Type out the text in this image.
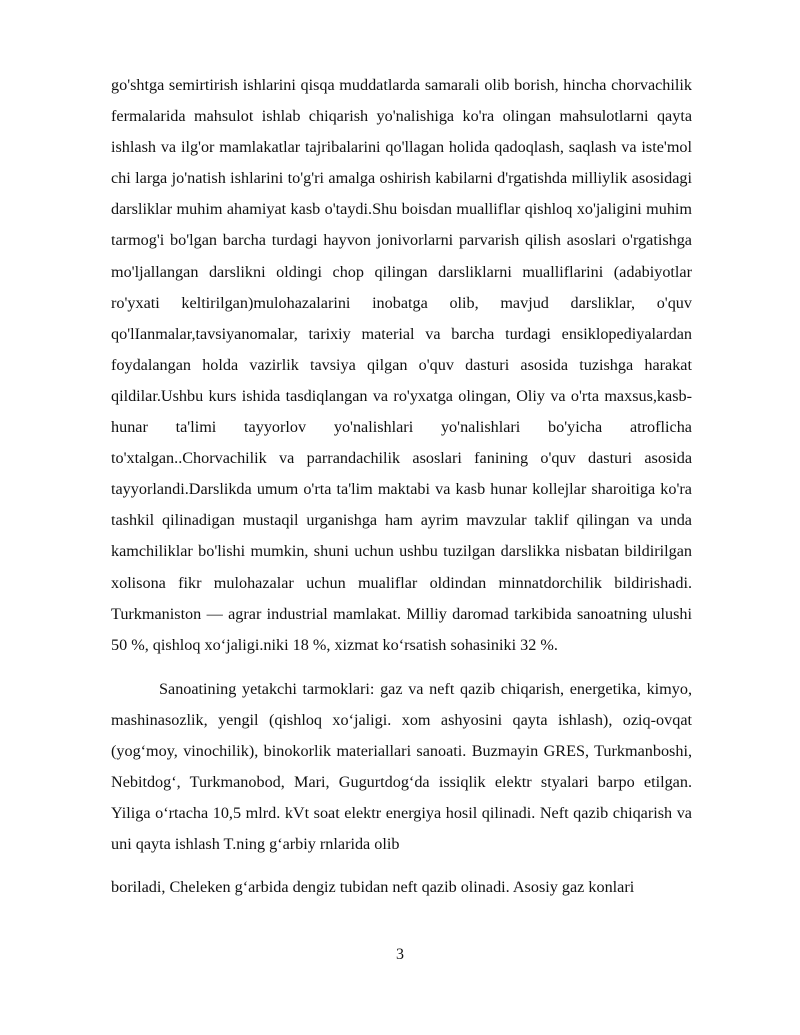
go'shtga semirtirish ishlarini qisqa muddatlarda samarali olib borish, hincha chorvachilik fermalarida mahsulot ishlab chiqarish yo'nalishiga ko'ra olingan mahsulotlarni qayta ishlash va ilg'or mamlakatlar tajribalarini qo'llagan holida qadoqlash, saqlash va iste'mol chi larga jo'natish ishlarini to'g'ri amalga oshirish kabilarni d'rgatishda milliylik asosidagi darsliklar muhim ahamiyat kasb o'taydi.Shu boisdan mualliflar qishloq xo'jaligini muhim tarmog'i bo'lgan barcha turdagi hayvon jonivorlarni parvarish qilish asoslari o'rgatishga mo'ljallangan darslikni oldingi chop qilingan darsliklarni mualliflarini (adabiyotlar ro'yxati keltirilgan)mulohazalarini inobatga olib, mavjud darsliklar, o'quv qo'lIanmalar,tavsiyanomalar, tarixiy material va barcha turdagi ensiklopediyalardan foydalangan holda vazirlik tavsiya qilgan o'quv dasturi asosida tuzishga harakat qildilar.Ushbu kurs ishida tasdiqlangan va ro'yxatga olingan, Oliy va o'rta maxsus,kasb-hunar ta'limi tayyorlov yo'nalishlari yo'nalishlari bo'yicha atroflicha to'xtalgan..Chorvachilik va parrandachilik asoslari fanining o'quv dasturi asosida tayyorlandi.Darslikda umum o'rta ta'lim maktabi va kasb hunar kollejlar sharoitiga ko'ra tashkil qilinadigan mustaqil urganishga ham ayrim mavzular taklif qilingan va unda kamchiliklar bo'lishi mumkin, shuni uchun ushbu tuzilgan darslikka nisbatan bildirilgan xolisona fikr mulohazalar uchun mualiflar oldindan minnatdorchilik bildirishadi. Turkmaniston — agrar industrial mamlakat. Milliy daromad tarkibida sanoatning ulushi 50 %, qishloq xo‘jaligi.niki 18 %, xizmat ko‘rsatish sohasiniki 32 %.

Sanoatining yetakchi tarmoklari: gaz va neft qazib chiqarish, energetika, kimyo, mashinasozlik, yengil (qishloq xo‘jaligi. xom ashyosini qayta ishlash), oziq-ovqat (yog‘moy, vinochilik), binokorlik materiallari sanoati. Buzmayin GRES, Turkmanboshi, Nebitdog‘, Turkmanobod, Mari, Gugurtdog‘da issiqlik elektr styalari barpo etilgan. Yiliga o‘rtacha 10,5 mlrd. kVt soat elektr energiya hosil qilinadi. Neft qazib chiqarish va uni qayta ishlash T.ning g‘arbiy rnlarida olib

boriladi, Cheleken g‘arbida dengiz tubidan neft qazib olinadi. Asosiy gaz konlari

3
